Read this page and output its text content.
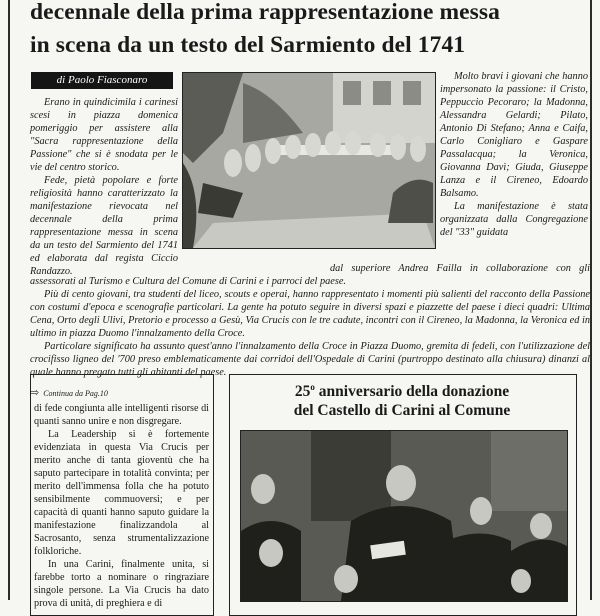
decennale della prima rappresentazione messa
in scena da un testo del Sarmiento del 1741
di Paolo Fiasconaro

Erano in quindicimila i carinesi scesi in piazza domenica pomeriggio per assistere alla "Sacra rappresentazione della Passione" che si è snodata per le vie del centro storico.

Fede, pietà popolare e forte religiosità hanno caratterizzato la manifestazione rievocata nel decennale della prima rappresentazione messa in scena da un testo del Sarmiento del 1741 ed elaborata dal regista Ciccio Randazzo.

Molto bravi i giovani che hanno impersonato la passione: il Cristo, Peppuccio Pecoraro; la Madonna, Alessandra Gelardi; Pilato, Antonio Di Stefano; Anna e Caifa, Carlo Conigliaro e Gaspare Passalacqua; la Veronica, Giovanna Davì; Giuda, Giuseppe Lanza e il Cireneo, Edoardo Balsamo.

La manifestazione è stata organizzata dalla Congregazione del "33" guidata

dal superiore Andrea Failla in collaborazione con gli assessorati al Turismo e Cultura del Comune di Carini e i parroci del paese.

Più di cento giovani, tra studenti del liceo, scouts e operai, hanno rappresentato i momenti più salienti del racconto della Passione con costumi d'epoca e scenografie particolari. La gente ha potuto seguire in diversi spazi e piazzette del paese i dieci quadri: Ultima Cena, Orto degli Ulivi, Pretorio e processo a Gesù, Via Crucis con le tre cadute, incontri con il Cireneo, la Madonna, la Veronica ed in ultimo in piazza Duomo l'innalzamento della Croce.

Particolare significato ha assunto quest'anno l'innalzamento della Croce in Piazza Duomo, gremita di fedeli, con l'utilizzazione del crocifisso ligneo del '700 preso emblematicamente dai corridoi dell'Ospedale di Carini (purtroppo destinato alla chiusura) dinanzi al quale hanno pregato tutti gli abitanti del paese.

⇨ Continua da Pag.10

di fede congiunta alle intelligenti risorse di quanti sanno unire e non disgregare.

La Leadership si è fortemente evidenziata in questa Via Crucis per merito anche di tanta gioventù che ha saputo partecipare in totalità convinta; per merito dell'immensa folla che ha potuto sensibilmente commuoversi; e per capacità di quanti hanno saputo guidare la manifestazione finalizzandola al Sacrosanto, senza strumentalizzazione folkloriche.

In una Carini, finalmente unita, si farebbe torto a nominare o ringraziare singole persone. La Via Crucis ha dato prova di unità, di preghiera e di

25$^o$ anniversario della donazione
del Castello di Carini al Comune
